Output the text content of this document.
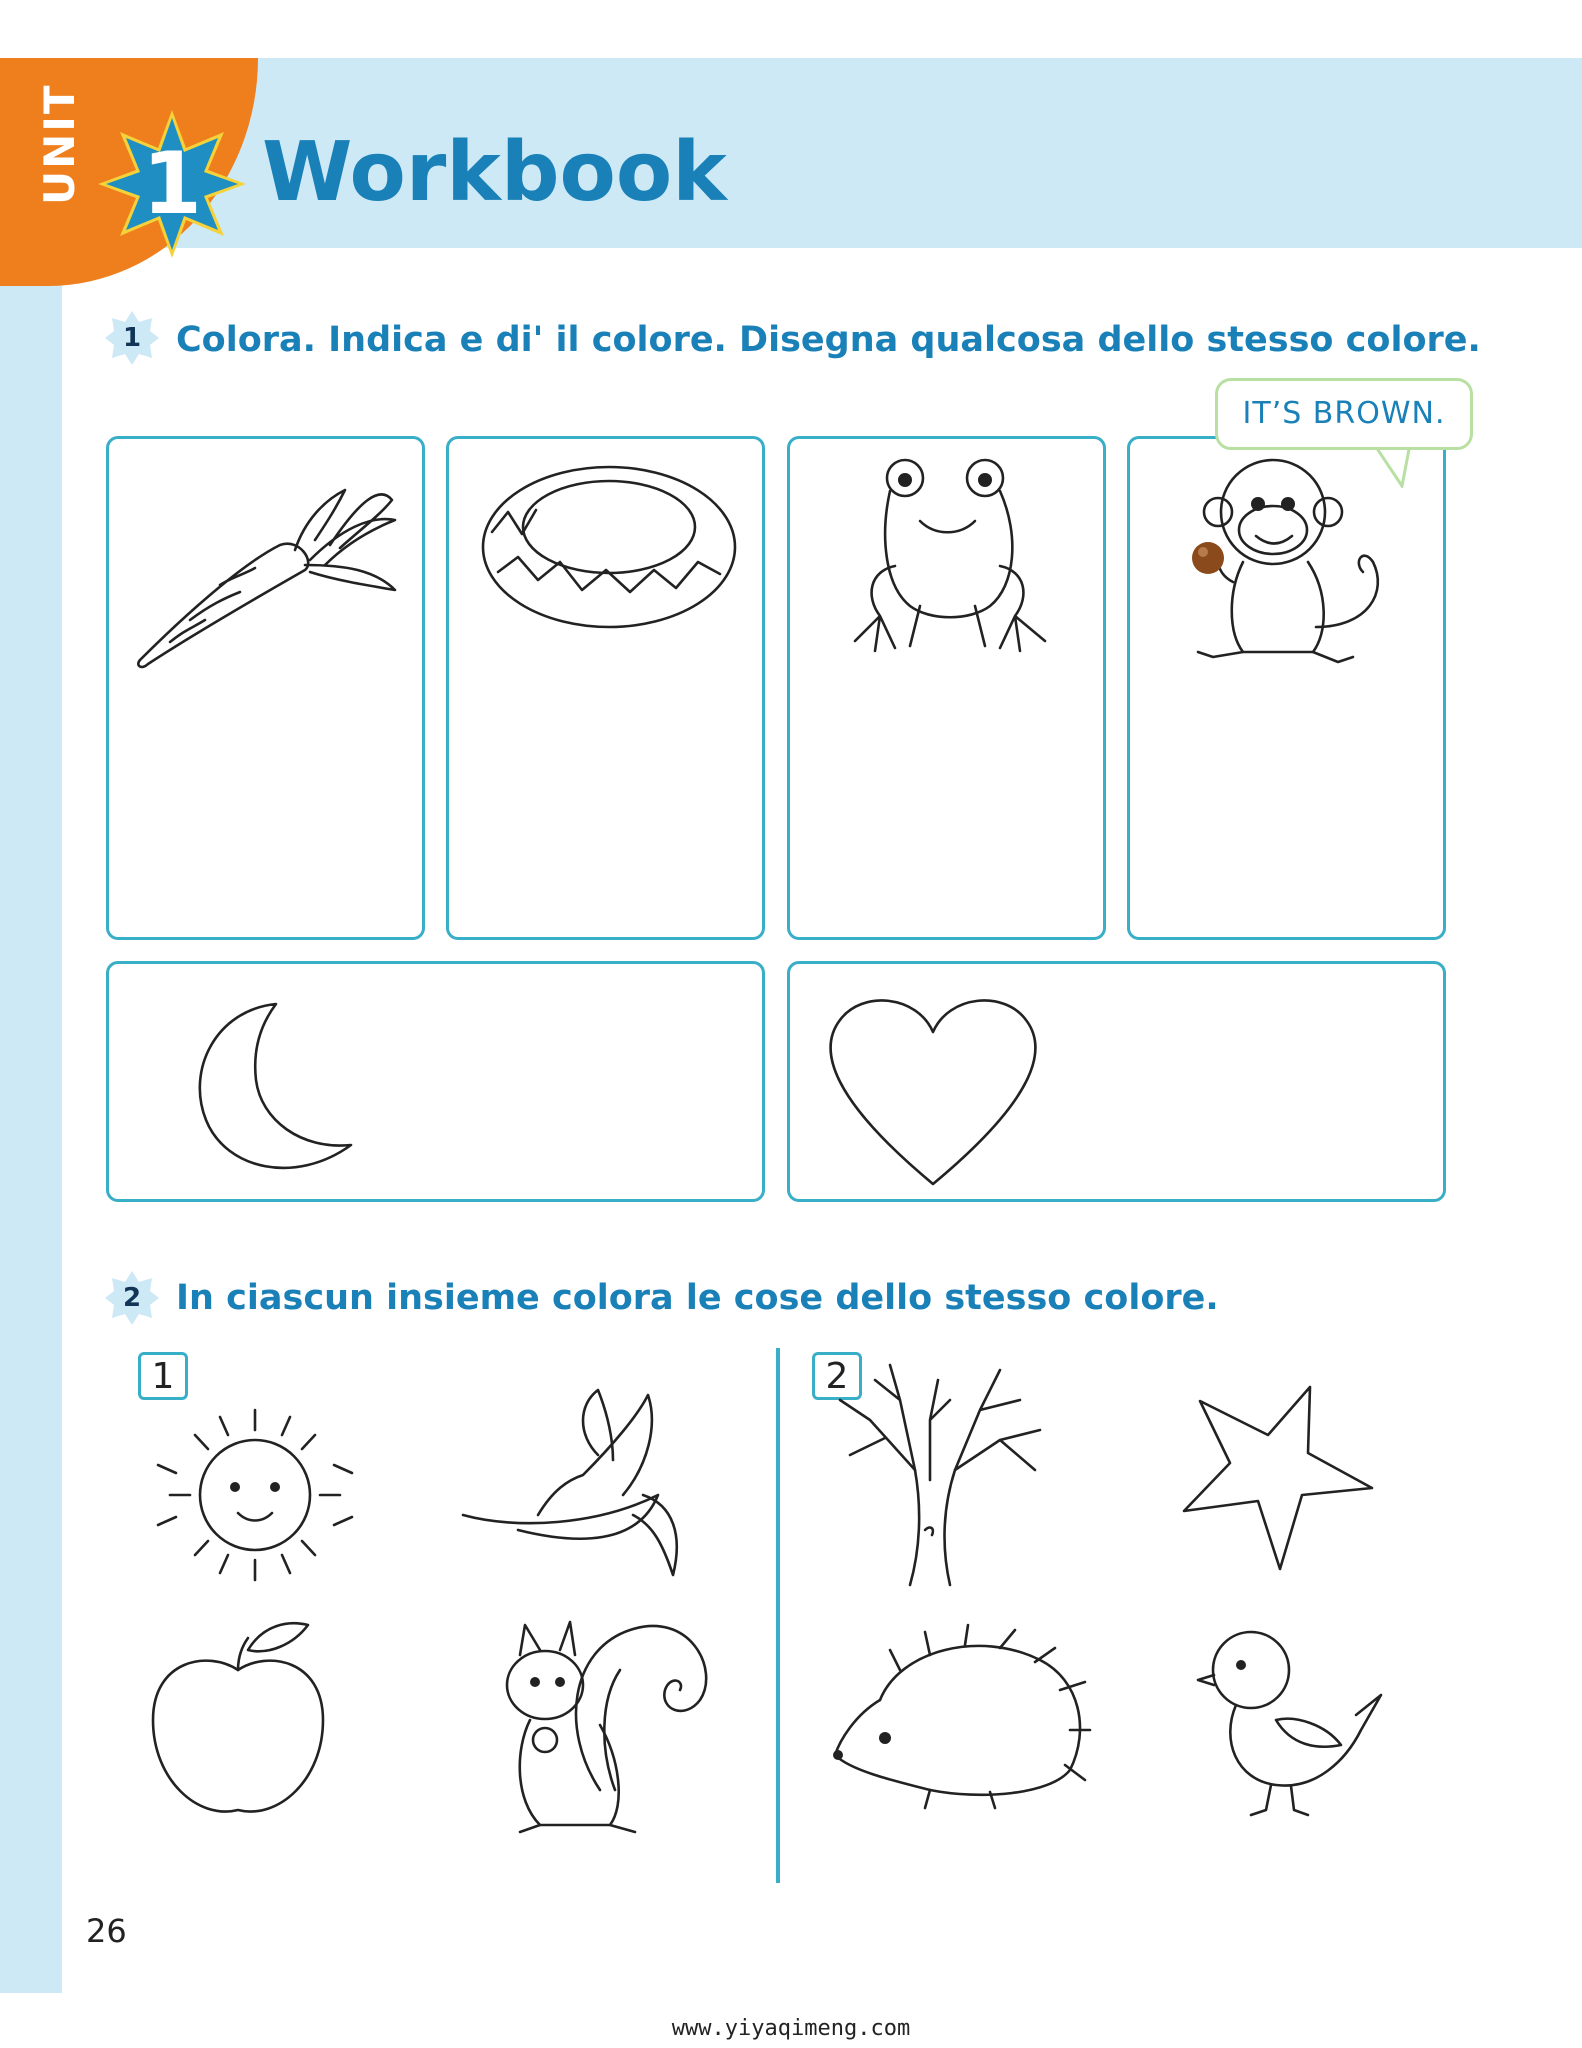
UNIT 1 Workbook
1 Colora. Indica e di' il colore. Disegna qualcosa dello stesso colore.
IT’S BROWN.
2 In ciascun insieme colora le cose dello stesso colore.
1	2
26
www.yiyaqimeng.com
